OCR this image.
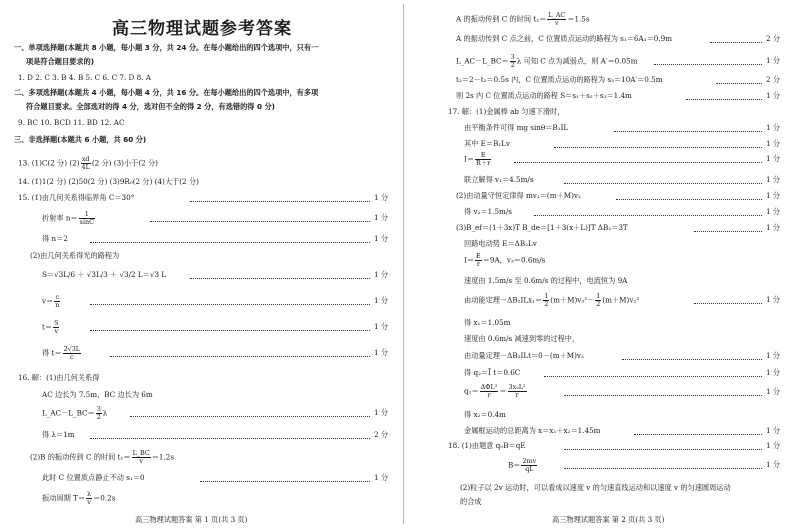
高三物理试题参考答案
一、单项选择题(本题共 8 小题，每小题 3 分，共 24 分。在每小题给出的四个选项中，只有一
项是符合题目要求的)
1. D 2. C 3. B 4. B 5. C 6. C 7. D 8. A
二、多项选择题(本题共 4 小题，每小题 4 分，共 16 分。在每小题给出的四个选项中，有多项
符合题目要求。全部选对的得 4 分，选对但不全的得 2 分，有选错的得 0 分)
9. BC 10. BCD 11. BD 12. AC
三、非选择题(本题共 6 小题，共 60 分)
13. (1)C(2 分) $(2) \frac{xd}{4L} (2$ 分) (3)小于(2 分)
14. (1)1(2 分) (2)50(2 分) (3)9R₀(2 分) (4)大于(2 分)
15. (1)由几何关系得临界角 C＝30°	1 分
折射率 $n= \frac{1}{\sin C}$	1 分
得 n＝2	1 分
(2)由几何关系得光的路程为
S＝√3L/6 ＋ √3L/3 ＋ √3/2 L＝√3 L	1 分
$v= \frac{c}{n}$	1 分
$t= \frac{S}{v}$	1 分
得 $t= \frac{2√3L}{c}$	1 分
16. 解：(1)由几何关系得
AC 边长为 7.5m，BC 边长为 6m
L_AC－L_BC＝ $\frac{3}{2}$ λ	1 分
得 λ＝1m	2 分
(2)B 的振动传到 C 的时间 $t_1= \frac{L\_BC}{v} =1.2s$
此时 C 位置质点静止不动 s₁＝0	1 分
振动周期 $T= \frac{\lambda}{v} =0.2s$
高三物理试题答案 第 1 页(共 3 页)
A 的振动传到 C 的时间 $t_2= \frac{L\_AC}{v} =1.5s$
A 的振动传到 C 点之前，C 位置质点运动的路程为 s₁＝6A₁＝0.9m	2 分
L_AC－L_BC＝ $\frac{3}{2}$ λ 可知 C 点为减弱点，则 A′＝0.05m	1 分
t₃＝2－t₂＝0.5s 内，C 位置质点运动的路程为 s₃＝10A′＝0.5m	2 分
则 2s 内 C 位置质点运动的路程 S＝s₁＋s₂＋s₃＝1.4m	1 分
17. 解：(1)金属棒 ab 匀速下滑时，
由平衡条件可得 mg sinθ＝B₁IL	1 分
其中 E＝B₁Lv	1 分
$I= \frac{E}{R+r}$	1 分
联立解得 v₁＝4.5m/s	1 分
(2)由动量守恒定律得 mv₁＝(m＋M)v₂	1 分
得 v₂＝1.5m/s	1 分
(3)B_ef＝(1＋3x)T B_de＝[1＋3(x＋L)]T ΔB₂＝3T	1 分
回路电动势 E＝ΔB₂Lv
$I= \frac{E}{r} =9A$，v₃＝0.6m/s
速度由 1.5m/s 至 0.6m/s 的过程中，电流恒为 9A
由动能定理$-\Delta B_2ILx_1= \frac{1}{2} (m+M)v_3^2- \frac{1}{2} (m+M)v_2^2$	1 分
得 x₁＝1.05m
速度由 0.6m/s 减速到零的过程中，
由动量定理－ΔB₂ILt＝0－(m＋M)v₃	1 分
得 q₂＝Ī t＝0.6C	1 分
$q_2= \frac{\text{ΔΦL²}}{r} = \frac{\text{3x₂L²}}{r}$	1 分
得 x₂＝0.4m
金属框运动的总距离为 x＝x₁＋x₂＝1.45m	1 分
18. (1)由题意 q₀B＝qE	1 分
$B= \frac{2mv}{qL}$	1 分
(2)粒子以 2v 运动时，可以看成以速度 v 的匀速直线运动和以速度 v 的匀速圆周运动
的合成
高三物理试题答案 第 2 页(共 3 页)
